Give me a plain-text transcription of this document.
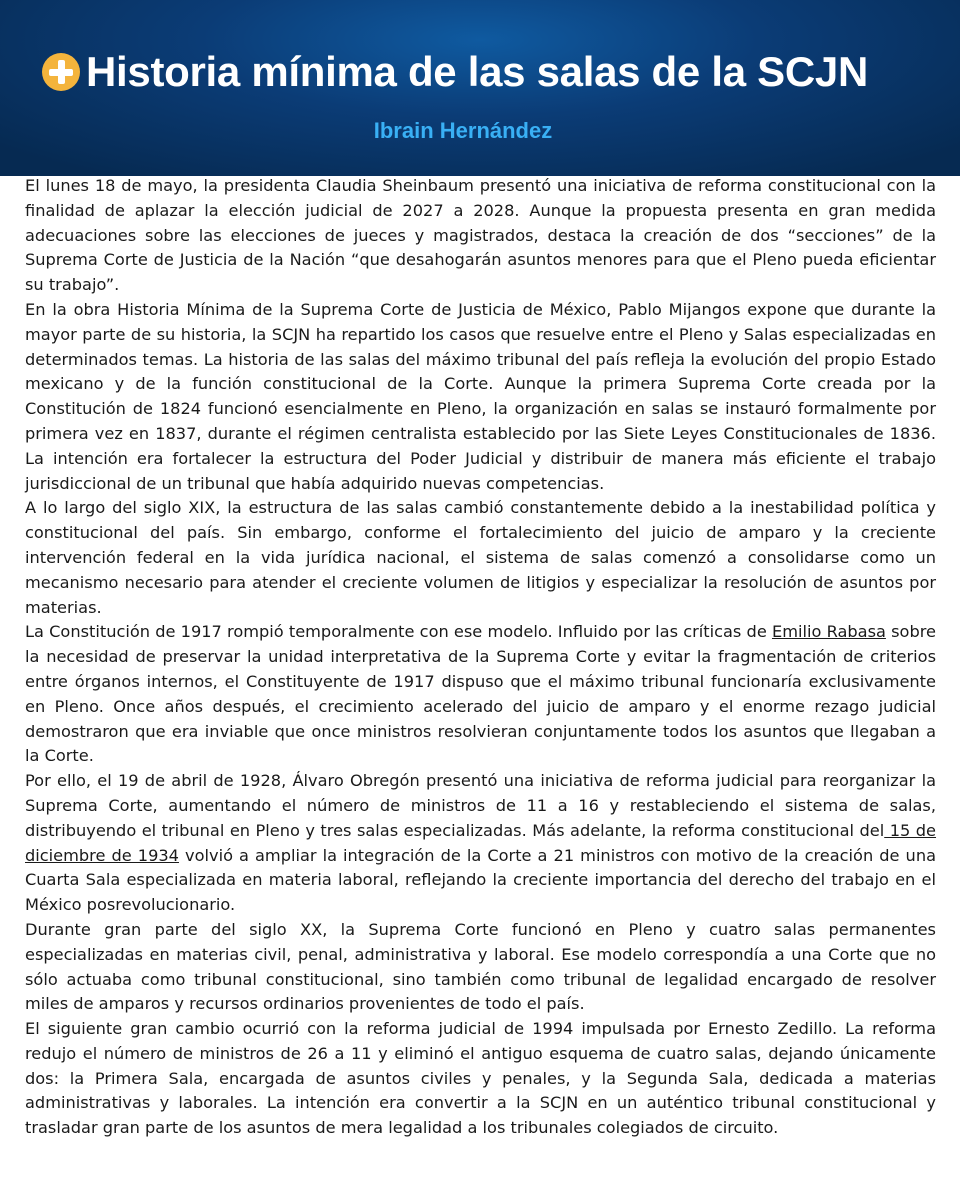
Historia mínima de las salas de la SCJN
Ibrain Hernández

El lunes 18 de mayo, la presidenta Claudia Sheinbaum presentó una iniciativa de reforma constitucional con la finalidad de aplazar la elección judicial de 2027 a 2028. Aunque la propuesta presenta en gran medida adecuaciones sobre las elecciones de jueces y magistrados, destaca la creación de dos “secciones” de la Suprema Corte de Justicia de la Nación “que desahogarán asuntos menores para que el Pleno pueda eficientar su trabajo”.

En la obra Historia Mínima de la Suprema Corte de Justicia de México, Pablo Mijangos expone que durante la mayor parte de su historia, la SCJN ha repartido los casos que resuelve entre el Pleno y Salas especializadas en determinados temas. La historia de las salas del máximo tribunal del país refleja la evolución del propio Estado mexicano y de la función constitucional de la Corte. Aunque la primera Suprema Corte creada por la Constitución de 1824 funcionó esencialmente en Pleno, la organización en salas se instauró formalmente por primera vez en 1837, durante el régimen centralista establecido por las Siete Leyes Constitucionales de 1836. La intención era fortalecer la estructura del Poder Judicial y distribuir de manera más eficiente el trabajo jurisdiccional de un tribunal que había adquirido nuevas competencias.

A lo largo del siglo XIX, la estructura de las salas cambió constantemente debido a la inestabilidad política y constitucional del país. Sin embargo, conforme el fortalecimiento del juicio de amparo y la creciente intervención federal en la vida jurídica nacional, el sistema de salas comenzó a consolidarse como un mecanismo necesario para atender el creciente volumen de litigios y especializar la resolución de asuntos por materias.

La Constitución de 1917 rompió temporalmente con ese modelo. Influido por las críticas de Emilio Rabasa sobre la necesidad de preservar la unidad interpretativa de la Suprema Corte y evitar la fragmentación de criterios entre órganos internos, el Constituyente de 1917 dispuso que el máximo tribunal funcionaría exclusivamente en Pleno. Once años después, el crecimiento acelerado del juicio de amparo y el enorme rezago judicial demostraron que era inviable que once ministros resolvieran conjuntamente todos los asuntos que llegaban a la Corte.

Por ello, el 19 de abril de 1928, Álvaro Obregón presentó una iniciativa de reforma judicial para reorganizar la Suprema Corte, aumentando el número de ministros de 11 a 16 y restableciendo el sistema de salas, distribuyendo el tribunal en Pleno y tres salas especializadas. Más adelante, la reforma constitucional del 15 de diciembre de 1934 volvió a ampliar la integración de la Corte a 21 ministros con motivo de la creación de una Cuarta Sala especializada en materia laboral, reflejando la creciente importancia del derecho del trabajo en el México posrevolucionario.

Durante gran parte del siglo XX, la Suprema Corte funcionó en Pleno y cuatro salas permanentes especializadas en materias civil, penal, administrativa y laboral. Ese modelo correspondía a una Corte que no sólo actuaba como tribunal constitucional, sino también como tribunal de legalidad encargado de resolver miles de amparos y recursos ordinarios provenientes de todo el país.

El siguiente gran cambio ocurrió con la reforma judicial de 1994 impulsada por Ernesto Zedillo. La reforma redujo el número de ministros de 26 a 11 y eliminó el antiguo esquema de cuatro salas, dejando únicamente dos: la Primera Sala, encargada de asuntos civiles y penales, y la Segunda Sala, dedicada a materias administrativas y laborales. La intención era convertir a la SCJN en un auténtico tribunal constitucional y trasladar gran parte de los asuntos de mera legalidad a los tribunales colegiados de circuito.
